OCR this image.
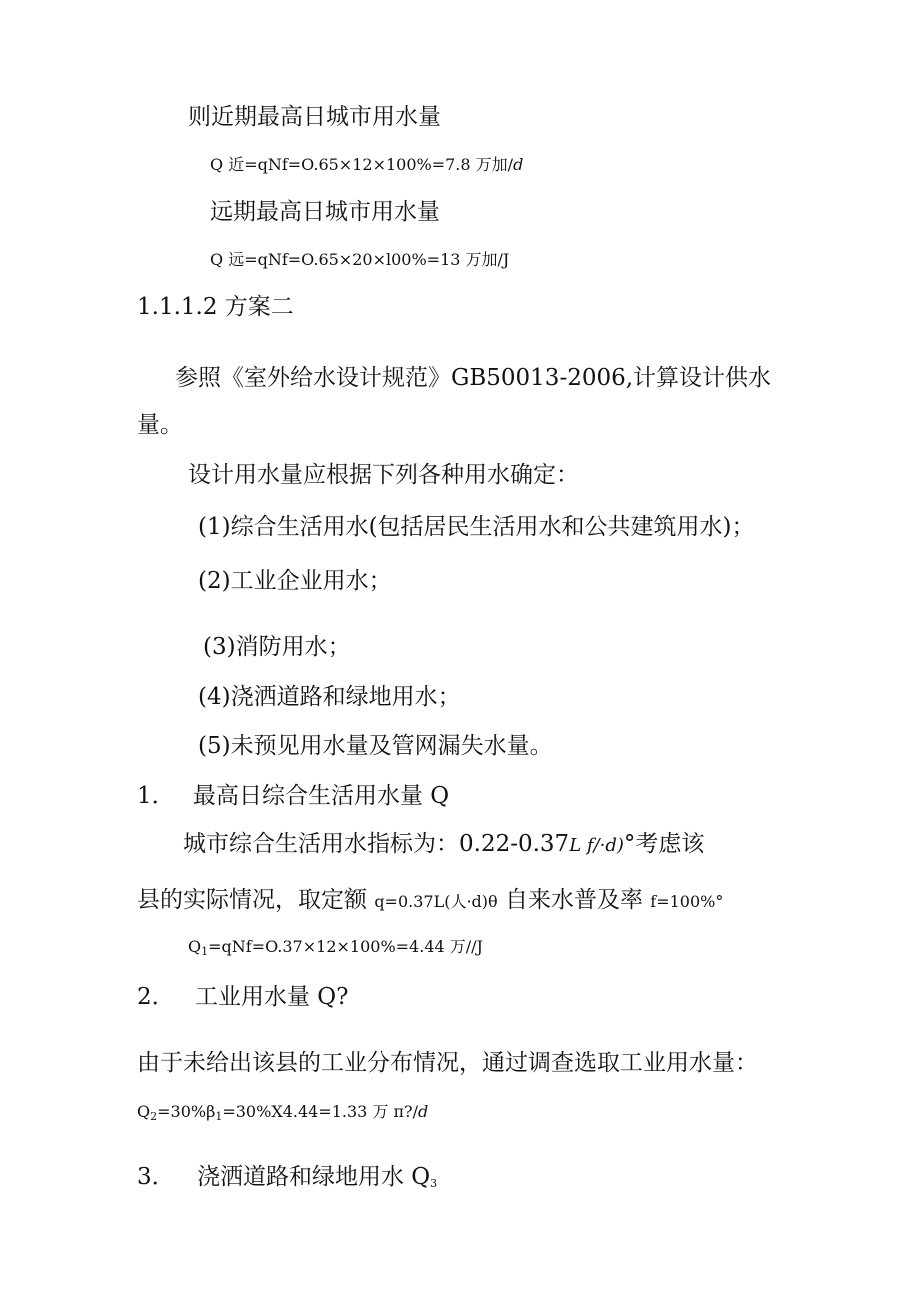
则近期最高日城市用水量
Q 近=qNf=O.65×12×100%=7.8 万加/d
远期最高日城市用水量
Q 远=qNf=O.65×20×l00%=13 万加/J
1.1.1.2 方案二
参照《室外给水设计规范》GB50013-2006,计算设计供水
量。
设计用水量应根据下列各种用水确定：
(1)综合生活用水(包括居民生活用水和公共建筑用水)；
(2)工业企业用水；
(3)消防用水；
(4)浇洒道路和绿地用水；
(5)未预见用水量及管网漏失水量。
1． 最高日综合生活用水量 Q
城市综合生活用水指标为：0.22-0.37L f/·d)°考虑该
县的实际情况，取定额 q=0.37L(人·d)θ 自来水普及率 f=100%°
$Q_1=qNf=O.37\times 12\times 100\%=4.44$ 万//J
2． 工业用水量 Q?
由于未给出该县的工业分布情况，通过调查选取工业用水量：
$Q_2=30\%\beta_1=30\%X4.44=1.33$ 万 π?/d
3． 浇洒道路和绿地用水 $Q_3$
